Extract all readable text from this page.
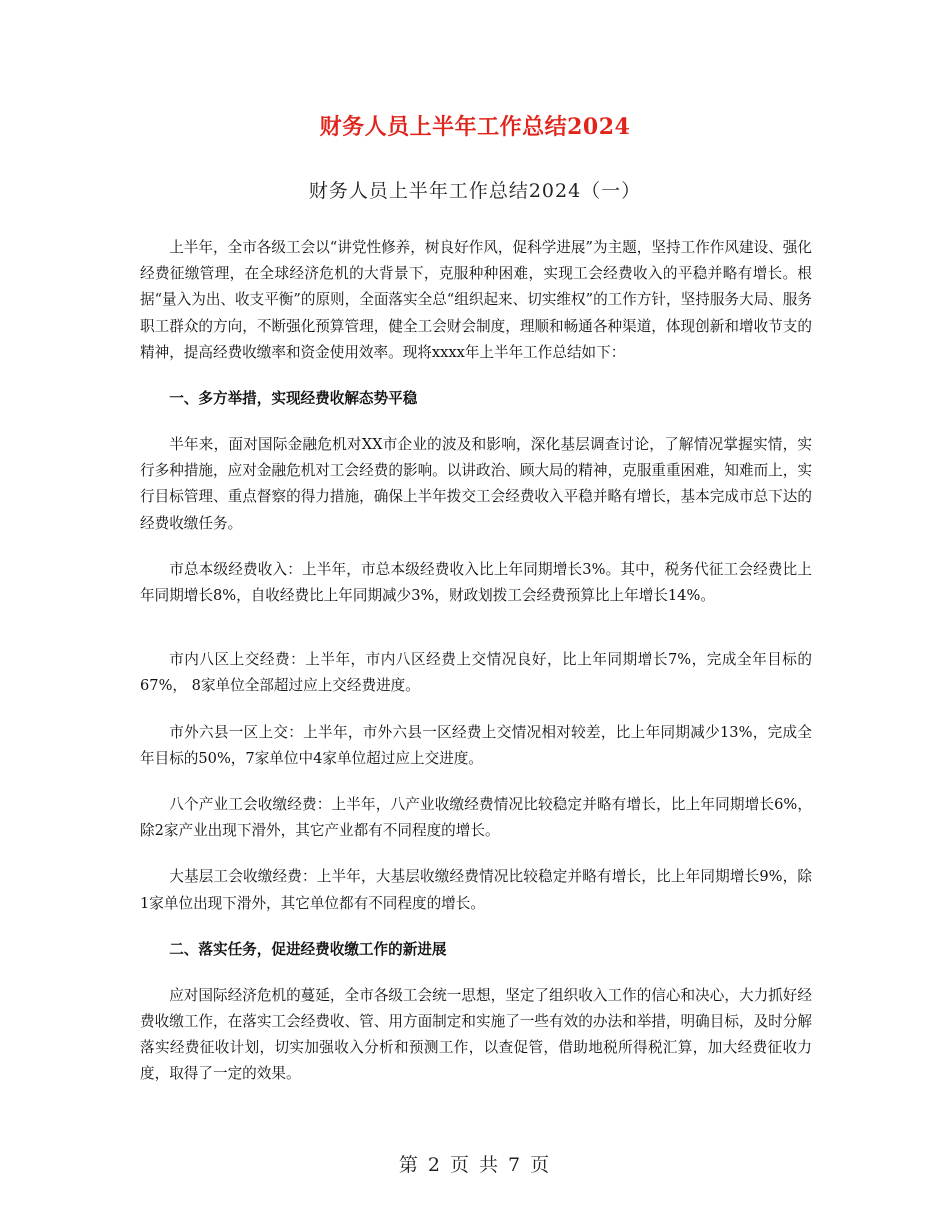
财务人员上半年工作总结2024
财务人员上半年工作总结2024（一）

上半年，全市各级工会以“讲党性修养，树良好作风，促科学进展”为主题，坚持工作作风建设、强化经费征缴管理，在全球经济危机的大背景下，克服种种困难，实现工会经费收入的平稳并略有增长。根据“量入为出、收支平衡”的原则，全面落实全总“组织起来、切实维权”的工作方针，坚持服务大局、服务职工群众的方向，不断强化预算管理，健全工会财会制度，理顺和畅通各种渠道，体现创新和增收节支的精神，提高经费收缴率和资金使用效率。现将xxxx年上半年工作总结如下：

一、多方举措，实现经费收解态势平稳

半年来，面对国际金融危机对XX市企业的波及和影响，深化基层调查讨论，了解情况掌握实情，实行多种措施，应对金融危机对工会经费的影响。以讲政治、顾大局的精神，克服重重困难，知难而上，实行目标管理、重点督察的得力措施，确保上半年拨交工会经费收入平稳并略有增长，基本完成市总下达的经费收缴任务。

市总本级经费收入：上半年，市总本级经费收入比上年同期增长3%。其中，税务代征工会经费比上年同期增长8%，自收经费比上年同期减少3%，财政划拨工会经费预算比上年增长14%。

市内八区上交经费：上半年，市内八区经费上交情况良好，比上年同期增长7%，完成全年目标的67%， 8家单位全部超过应上交经费进度。

市外六县一区上交：上半年，市外六县一区经费上交情况相对较差，比上年同期减少13%，完成全年目标的50%，7家单位中4家单位超过应上交进度。

八个产业工会收缴经费：上半年，八产业收缴经费情况比较稳定并略有增长，比上年同期增长6%，除2家产业出现下滑外，其它产业都有不同程度的增长。

大基层工会收缴经费：上半年，大基层收缴经费情况比较稳定并略有增长，比上年同期增长9%，除1家单位出现下滑外，其它单位都有不同程度的增长。

二、落实任务，促进经费收缴工作的新进展

应对国际经济危机的蔓延，全市各级工会统一思想，坚定了组织收入工作的信心和决心，大力抓好经费收缴工作，在落实工会经费收、管、用方面制定和实施了一些有效的办法和举措，明确目标，及时分解落实经费征收计划，切实加强收入分析和预测工作，以查促管，借助地税所得税汇算，加大经费征收力度，取得了一定的效果。

第 2 页 共 7 页
